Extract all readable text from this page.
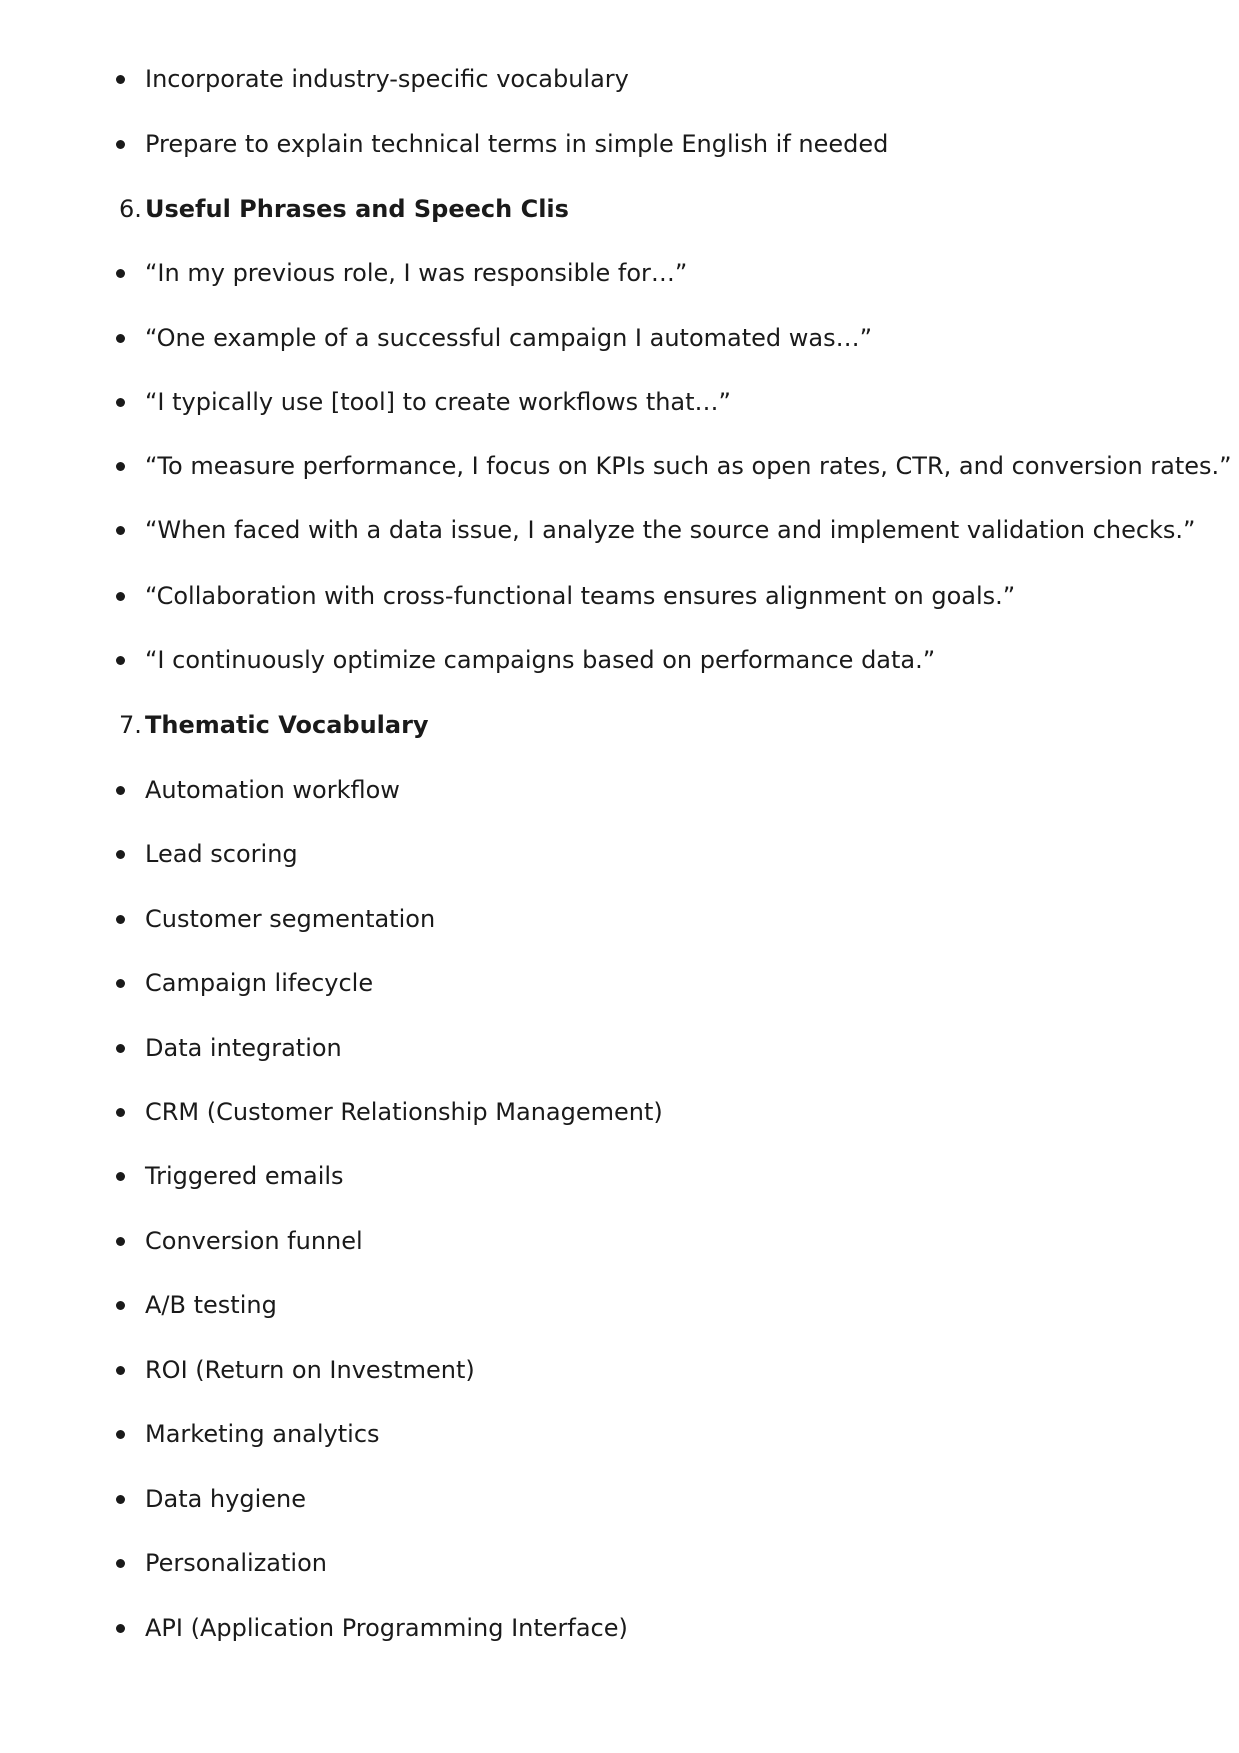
Incorporate industry-specific vocabulary
Prepare to explain technical terms in simple English if needed
6. Useful Phrases and Speech Clis
“In my previous role, I was responsible for…”
“One example of a successful campaign I automated was…”
“I typically use [tool] to create workflows that…”
“To measure performance, I focus on KPIs such as open rates, CTR, and conversion rates.”
“When faced with a data issue, I analyze the source and implement validation checks.”
“Collaboration with cross-functional teams ensures alignment on goals.”
“I continuously optimize campaigns based on performance data.”
7. Thematic Vocabulary
Automation workflow
Lead scoring
Customer segmentation
Campaign lifecycle
Data integration
CRM (Customer Relationship Management)
Triggered emails
Conversion funnel
A/B testing
ROI (Return on Investment)
Marketing analytics
Data hygiene
Personalization
API (Application Programming Interface)
